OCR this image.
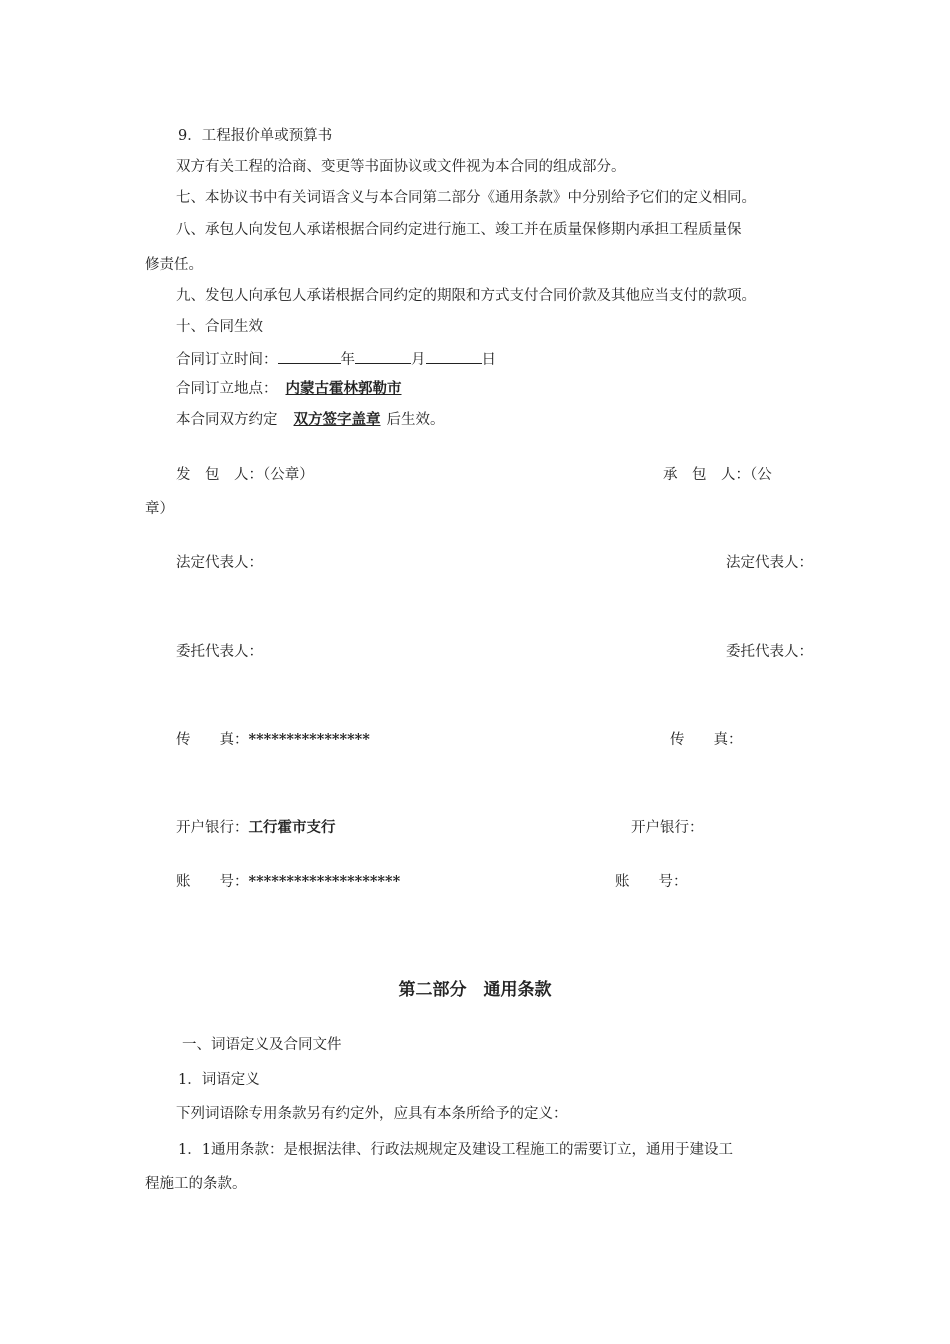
9．工程报价单或预算书
双方有关工程的洽商、变更等书面协议或文件视为本合同的组成部分。
七、本协议书中有关词语含义与本合同第二部分《通用条款》中分别给予它们的定义相同。
八、承包人向发包人承诺根据合同约定进行施工、竣工并在质量保修期内承担工程质量保
修责任。
九、发包人向承包人承诺根据合同约定的期限和方式支付合同价款及其他应当支付的款项。
十、合同生效
合同订立时间：	年	月	日
合同订立地点： 内蒙古霍林郭勒市
本合同双方约定 双方签字盖章 后生效。
发　包　人：（公章）	承　包　人：（公
章）
法定代表人：	法定代表人：
委托代表人：	委托代表人：
传　　真：****************	传　　真：
开户银行：工行霍市支行	开户银行：
账　　号：********************	账　　号：
第二部分　通用条款
一、词语定义及合同文件
1．词语定义
下列词语除专用条款另有约定外，应具有本条所给予的定义：
1．1通用条款：是根据法律、行政法规规定及建设工程施工的需要订立，通用于建设工
程施工的条款。
